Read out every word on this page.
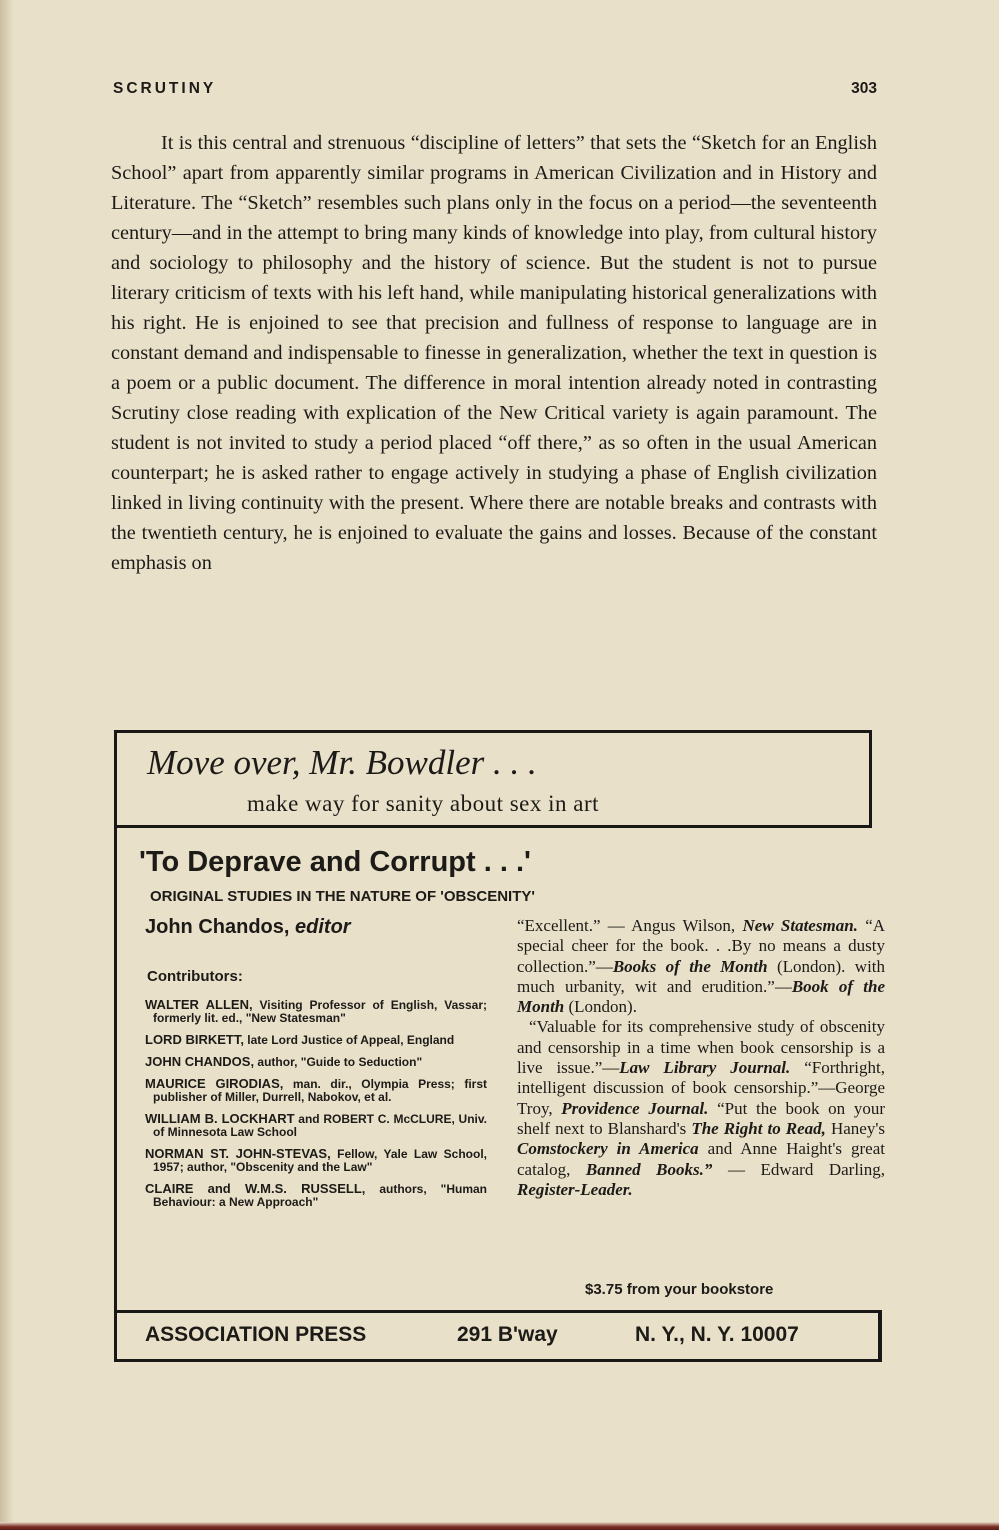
SCRUTINY	303

It is this central and strenuous “discipline of letters” that sets the “Sketch for an English School” apart from apparently similar programs in American Civilization and in History and Literature. The “Sketch” resembles such plans only in the focus on a period—the seventeenth century—and in the attempt to bring many kinds of knowledge into play, from cultural history and sociology to philosophy and the history of science. But the student is not to pursue literary criticism of texts with his left hand, while manipulating historical generalizations with his right. He is enjoined to see that precision and fullness of response to language are in constant demand and indispensable to finesse in generalization, whether the text in question is a poem or a public document. The difference in moral intention already noted in contrasting Scrutiny close reading with explication of the New Critical variety is again paramount. The student is not invited to study a period placed “off there,” as so often in the usual American counterpart; he is asked rather to engage actively in studying a phase of English civilization linked in living continuity with the present. Where there are notable breaks and contrasts with the twentieth century, he is enjoined to evaluate the gains and losses. Because of the constant emphasis on

Move over, Mr. Bowdler . . .
make way for sanity about sex in art
'To Deprave and Corrupt . . .'
ORIGINAL STUDIES IN THE NATURE OF 'OBSCENITY'
John Chandos, editor
Contributors:
WALTER ALLEN, Visiting Professor of English, Vassar; formerly lit. ed., "New Statesman"
LORD BIRKETT, late Lord Justice of Appeal, England
JOHN CHANDOS, author, "Guide to Seduction"
MAURICE GIRODIAS, man. dir., Olympia Press; first publisher of Miller, Durrell, Nabokov, et al.
WILLIAM B. LOCKHART and ROBERT C. McCLURE, Univ. of Minnesota Law School
NORMAN ST. JOHN-STEVAS, Fellow, Yale Law School, 1957; author, "Obscenity and the Law"
CLAIRE and W.M.S. RUSSELL, authors, "Human Behaviour: a New Approach"

“Excellent.” — Angus Wilson, New Statesman. “A special cheer for the book. . .By no means a dusty collection.”—Books of the Month (London). with much urbanity, wit and erudition.”—Book of the Month (London).

“Valuable for its comprehensive study of obscenity and censorship in a time when book censorship is a live issue.”—Law Library Journal. “Forthright, intelligent discussion of book censorship.”—George Troy, Providence Journal. “Put the book on your shelf next to Blanshard's The Right to Read, Haney's Comstockery in America and Anne Haight's great catalog, Banned Books.” — Edward Darling, Register-Leader.

$3.75 from your bookstore
ASSOCIATION PRESS	291 B'way	N. Y., N. Y. 10007
